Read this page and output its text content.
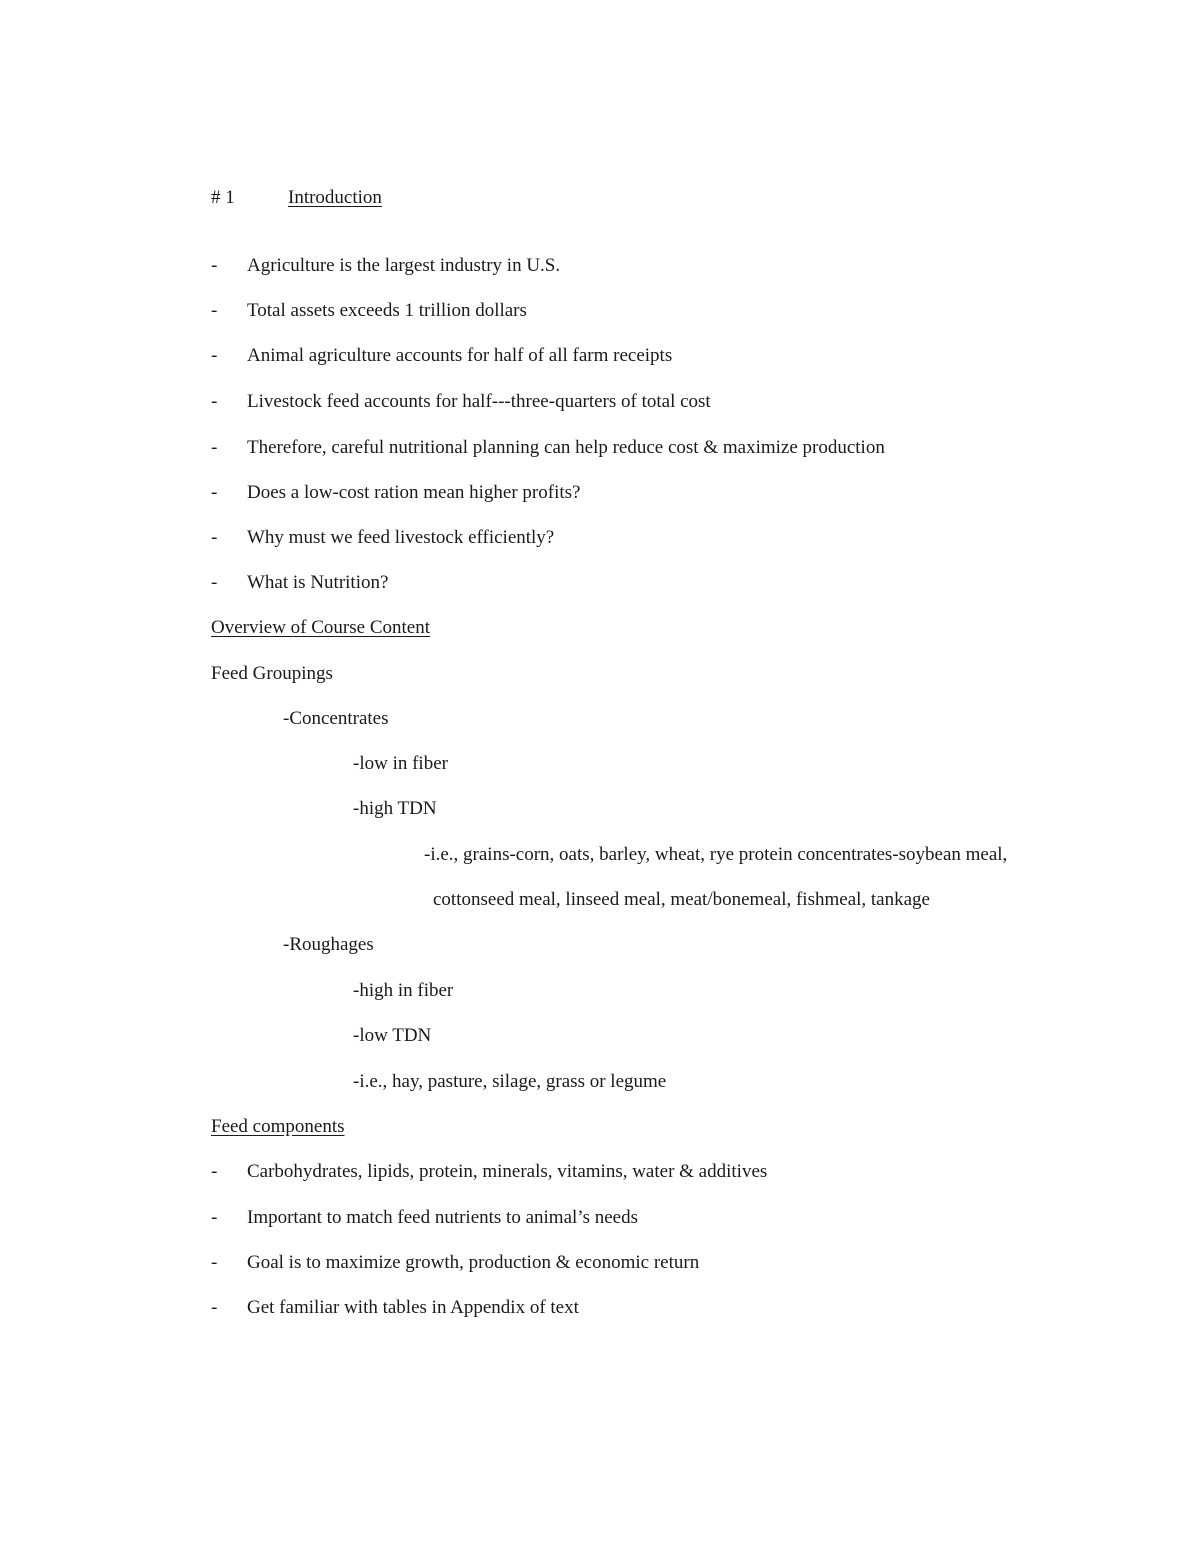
# 1	Introduction
- Agriculture is the largest industry in U.S.
- Total assets exceeds 1 trillion dollars
- Animal agriculture accounts for half of all farm receipts
- Livestock feed accounts for half---three-quarters of total cost
- Therefore, careful nutritional planning can help reduce cost & maximize production
- Does a low-cost ration mean higher profits?
- Why must we feed livestock efficiently?
- What is Nutrition?
Overview of Course Content
Feed Groupings
-Concentrates
-low in fiber
-high TDN
-i.e., grains-corn, oats, barley, wheat, rye protein concentrates-soybean meal,
cottonseed meal, linseed meal, meat/bonemeal, fishmeal, tankage
-Roughages
-high in fiber
-low TDN
-i.e., hay, pasture, silage, grass or legume
Feed components
- Carbohydrates, lipids, protein, minerals, vitamins, water & additives
- Important to match feed nutrients to animal’s needs
- Goal is to maximize growth, production & economic return
- Get familiar with tables in Appendix of text
